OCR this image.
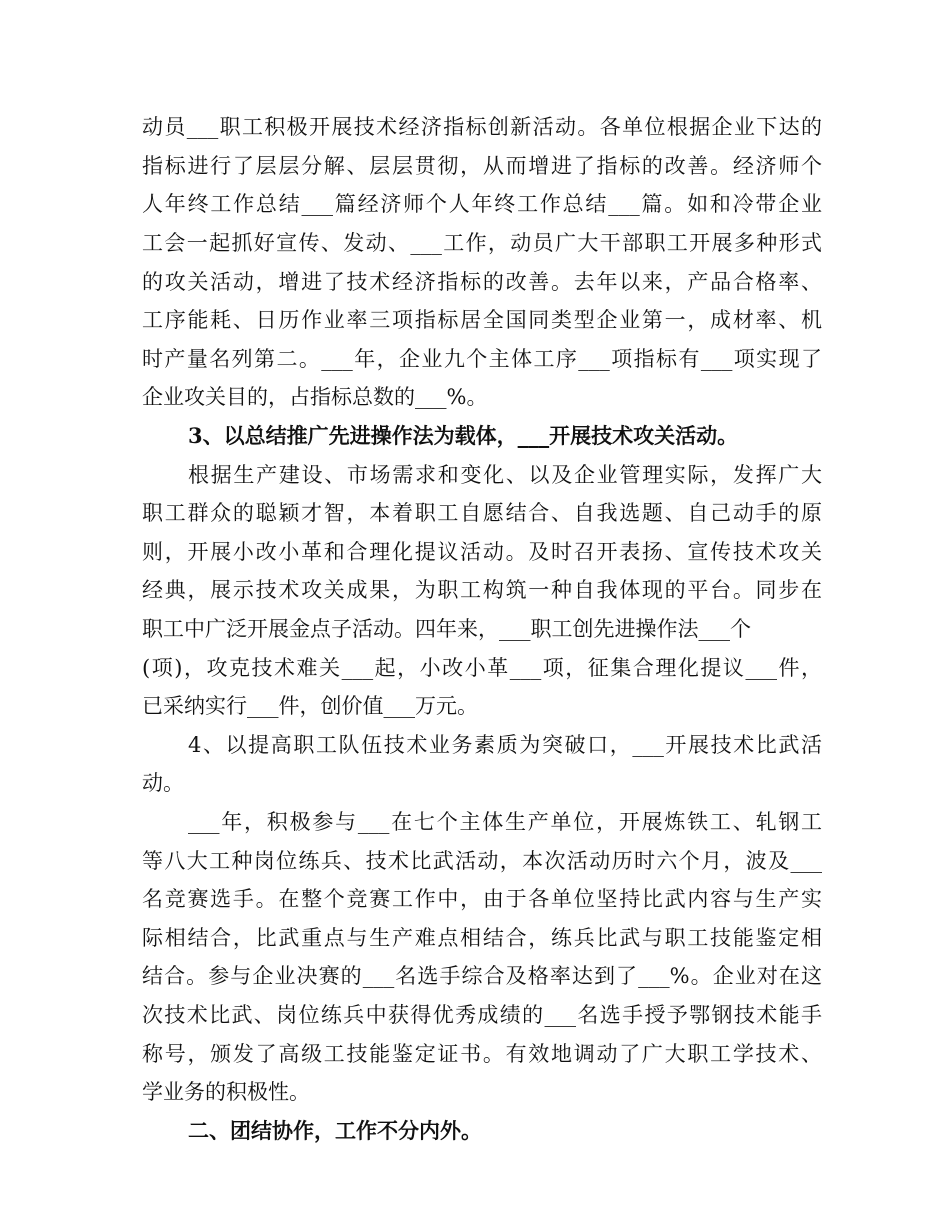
动员___职工积极开展技术经济指标创新活动。各单位根据企业下达的
指标进行了层层分解、层层贯彻，从而增进了指标的改善。经济师个
人年终工作总结___篇经济师个人年终工作总结___篇。如和冷带企业
工会一起抓好宣传、发动、___工作，动员广大干部职工开展多种形式
的攻关活动，增进了技术经济指标的改善。去年以来，产品合格率、
工序能耗、日历作业率三项指标居全国同类型企业第一，成材率、机
时产量名列第二。___年，企业九个主体工序___项指标有___项实现了
企业攻关目的，占指标总数的___%。
3、以总结推广先进操作法为载体，___开展技术攻关活动。
根据生产建设、市场需求和变化、以及企业管理实际，发挥广大
职工群众的聪颖才智，本着职工自愿结合、自我选题、自己动手的原
则，开展小改小革和合理化提议活动。及时召开表扬、宣传技术攻关
经典，展示技术攻关成果，为职工构筑一种自我体现的平台。同步在
职工中广泛开展金点子活动。四年来，___职工创先进操作法___个
(项)，攻克技术难关___起，小改小革___项，征集合理化提议___件，
已采纳实行___件，创价值___万元。
4、以提高职工队伍技术业务素质为突破口，___开展技术比武活
动。
___年，积极参与___在七个主体生产单位，开展炼铁工、轧钢工
等八大工种岗位练兵、技术比武活动，本次活动历时六个月，波及___
名竞赛选手。在整个竞赛工作中，由于各单位坚持比武内容与生产实
际相结合，比武重点与生产难点相结合，练兵比武与职工技能鉴定相
结合。参与企业决赛的___名选手综合及格率达到了___%。企业对在这
次技术比武、岗位练兵中获得优秀成绩的___名选手授予鄂钢技术能手
称号，颁发了高级工技能鉴定证书。有效地调动了广大职工学技术、
学业务的积极性。
二、团结协作，工作不分内外。
